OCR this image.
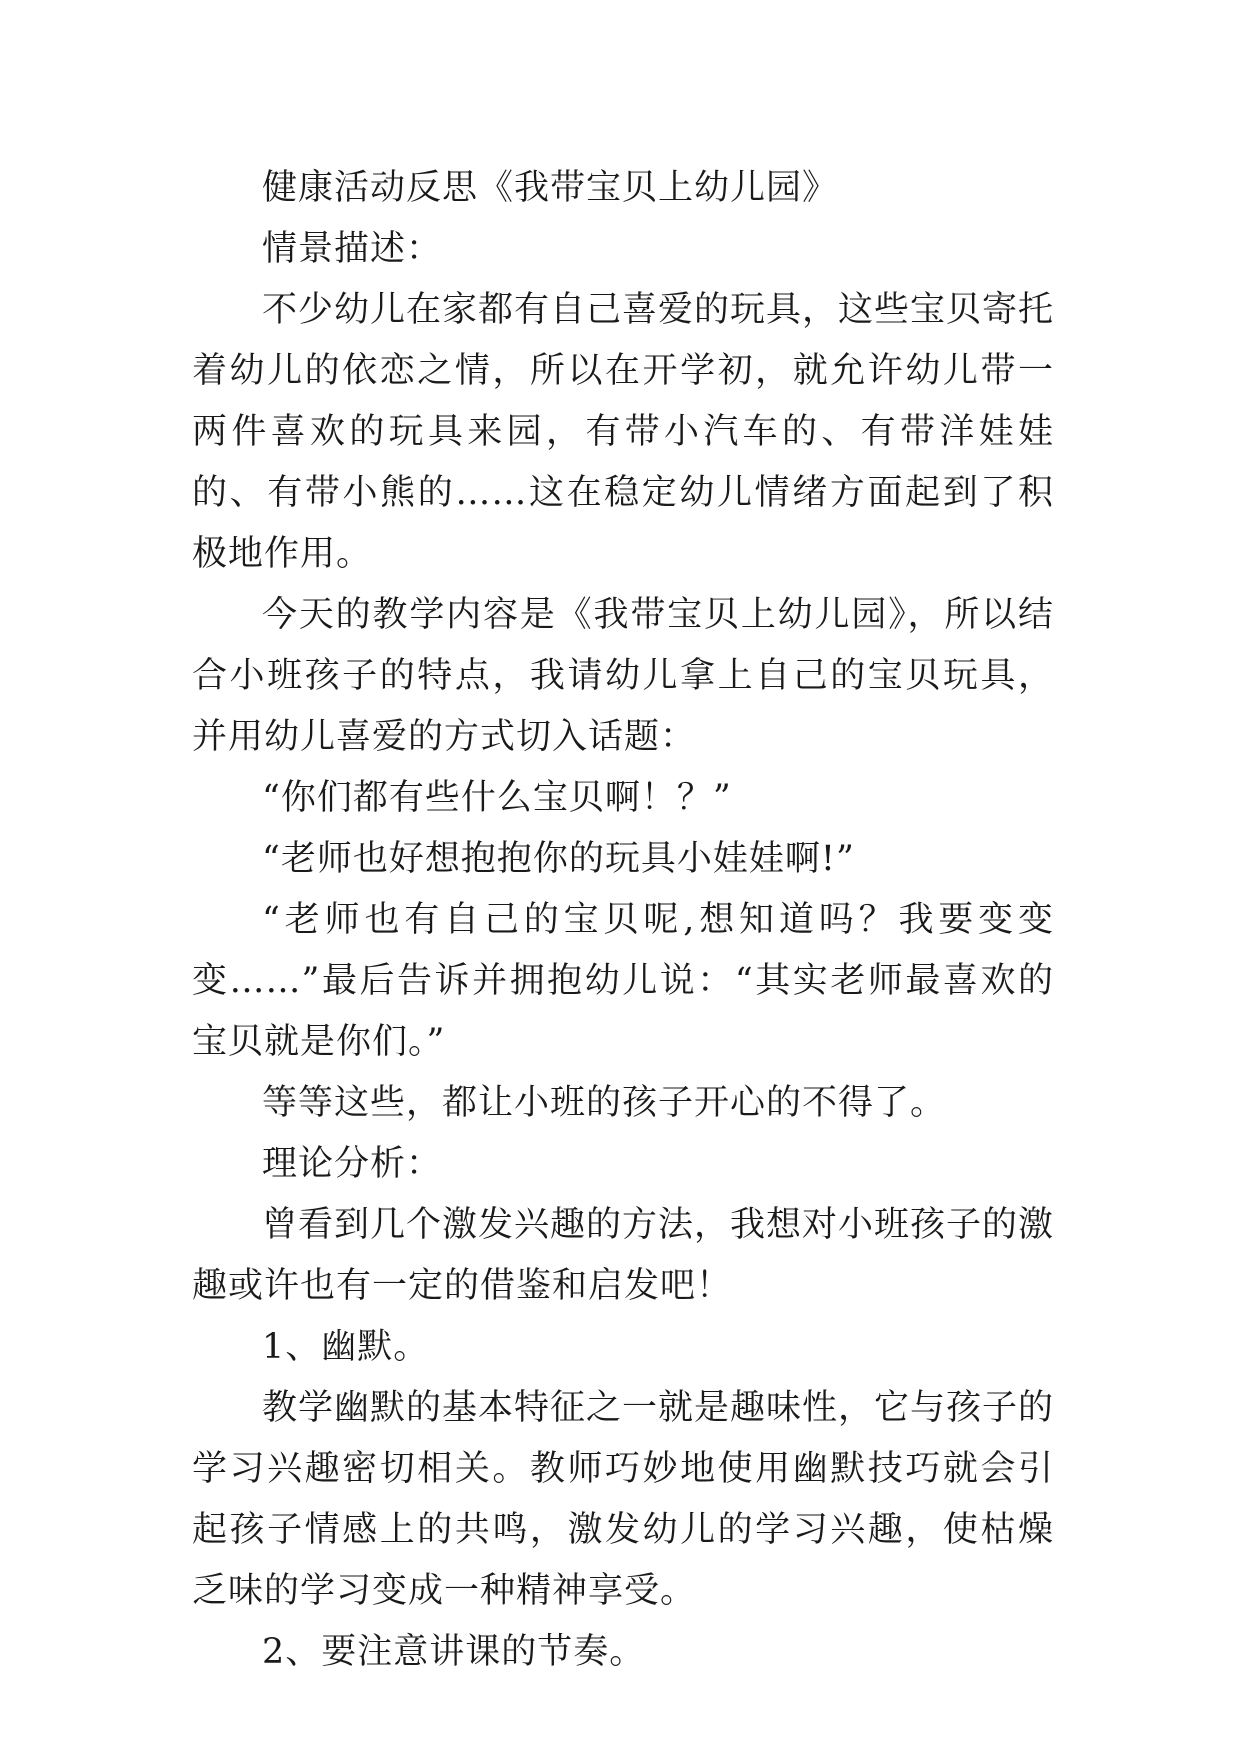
健康活动反思《我带宝贝上幼儿园》

情景描述：

不少幼儿在家都有自己喜爱的玩具，这些宝贝寄托着幼儿的依恋之情，所以在开学初，就允许幼儿带一两件喜欢的玩具来园，有带小汽车的、有带洋娃娃的、有带小熊的……这在稳定幼儿情绪方面起到了积极地作用。

今天的教学内容是《我带宝贝上幼儿园》，所以结合小班孩子的特点，我请幼儿拿上自己的宝贝玩具，并用幼儿喜爱的方式切入话题：

“你们都有些什么宝贝啊！？”

“老师也好想抱抱你的玩具小娃娃啊!”

“老师也有自己的宝贝呢,想知道吗？我要变变变……”最后告诉并拥抱幼儿说：“其实老师最喜欢的宝贝就是你们。”

等等这些，都让小班的孩子开心的不得了。

理论分析：

曾看到几个激发兴趣的方法，我想对小班孩子的激趣或许也有一定的借鉴和启发吧！

1、幽默。

教学幽默的基本特征之一就是趣味性，它与孩子的学习兴趣密切相关。教师巧妙地使用幽默技巧就会引起孩子情感上的共鸣，激发幼儿的学习兴趣，使枯燥乏味的学习变成一种精神享受。

2、要注意讲课的节奏。
